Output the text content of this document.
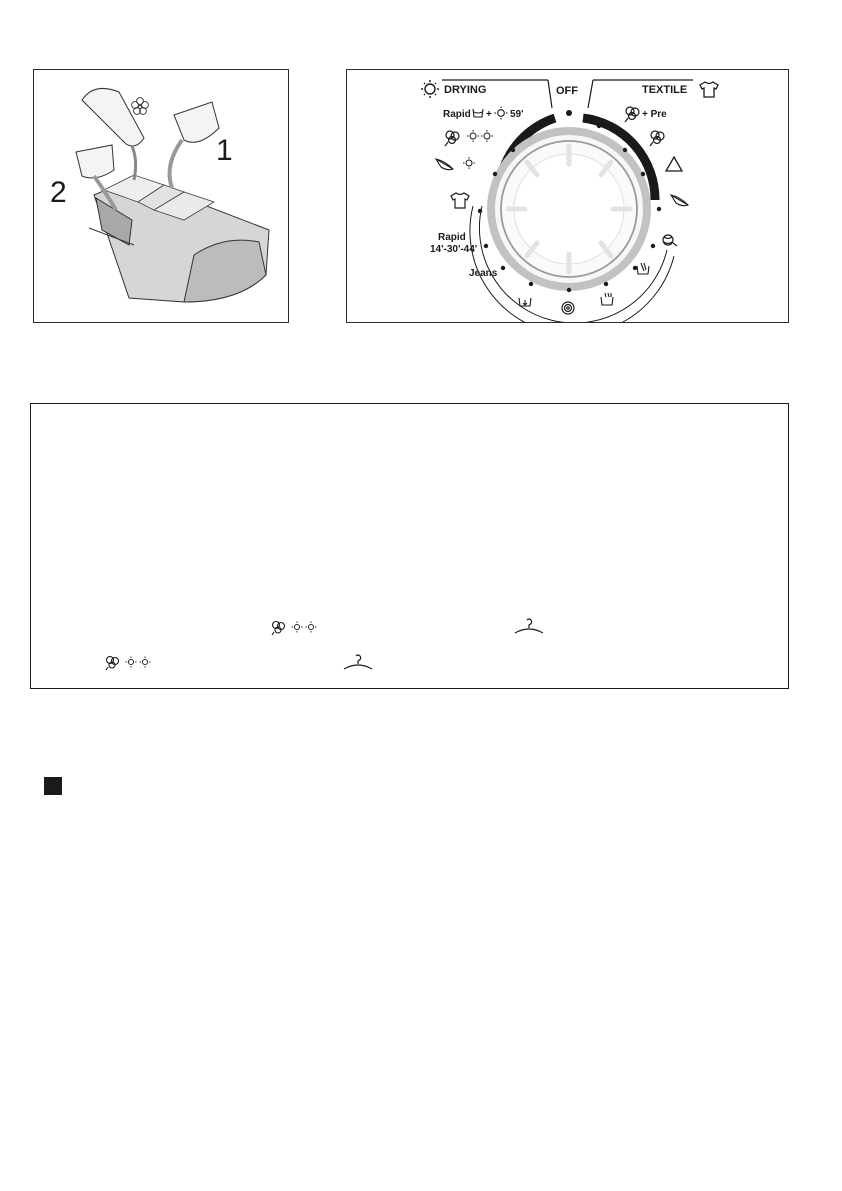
1
2
DRYING	OFF	TEXTILE
Rapid + 59'
Rapid
14'-30'-44'
Jeans
+ Pre
